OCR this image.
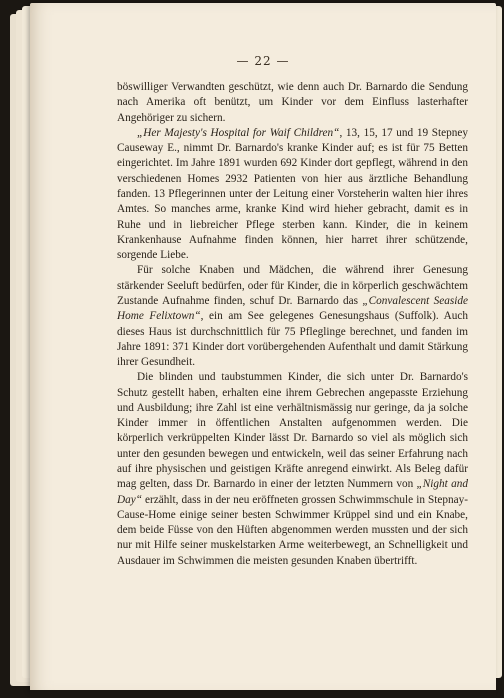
— 22 —

böswilliger Verwandten geschützt, wie denn auch Dr. Barnardo die Sendung nach Amerika oft benützt, um Kinder vor dem Einfluss lasterhafter Angehöriger zu sichern.

„Her Majesty's Hospital for Waif Children“, 13, 15, 17 und 19 Stepney Causeway E., nimmt Dr. Barnardo's kranke Kinder auf; es ist für 75 Betten eingerichtet. Im Jahre 1891 wurden 692 Kinder dort gepflegt, während in den verschiedenen Homes 2932 Patienten von hier aus ärztliche Behandlung fanden. 13 Pflegerinnen unter der Leitung einer Vorsteherin walten hier ihres Amtes. So manches arme, kranke Kind wird hieher gebracht, damit es in Ruhe und in liebreicher Pflege sterben kann. Kinder, die in keinem Krankenhause Aufnahme finden können, hier harret ihrer schützende, sorgende Liebe.

Für solche Knaben und Mädchen, die während ihrer Genesung stärkender Seeluft bedürfen, oder für Kinder, die in körperlich geschwächtem Zustande Aufnahme finden, schuf Dr. Barnardo das „Convalescent Seaside Home Felixtown“, ein am See gelegenes Genesungshaus (Suffolk). Auch dieses Haus ist durchschnittlich für 75 Pfleglinge berechnet, und fanden im Jahre 1891: 371 Kinder dort vorübergehenden Aufenthalt und damit Stärkung ihrer Gesundheit.

Die blinden und taubstummen Kinder, die sich unter Dr. Barnardo's Schutz gestellt haben, erhalten eine ihrem Gebrechen angepasste Erziehung und Ausbildung; ihre Zahl ist eine verhältnismässig nur geringe, da ja solche Kinder immer in öffentlichen Anstalten aufgenommen werden. Die körperlich verkrüppelten Kinder lässt Dr. Barnardo so viel als möglich sich unter den gesunden bewegen und entwickeln, weil das seiner Erfahrung nach auf ihre physischen und geistigen Kräfte anregend einwirkt. Als Beleg dafür mag gelten, dass Dr. Barnardo in einer der letzten Nummern von „Night and Day“ erzählt, dass in der neu eröffneten grossen Schwimmschule in Stepnay-Cause-Home einige seiner besten Schwimmer Krüppel sind und ein Knabe, dem beide Füsse von den Hüften abgenommen werden mussten und der sich nur mit Hilfe seiner muskelstarken Arme weiterbewegt, an Schnelligkeit und Ausdauer im Schwimmen die meisten gesunden Knaben übertrifft.
